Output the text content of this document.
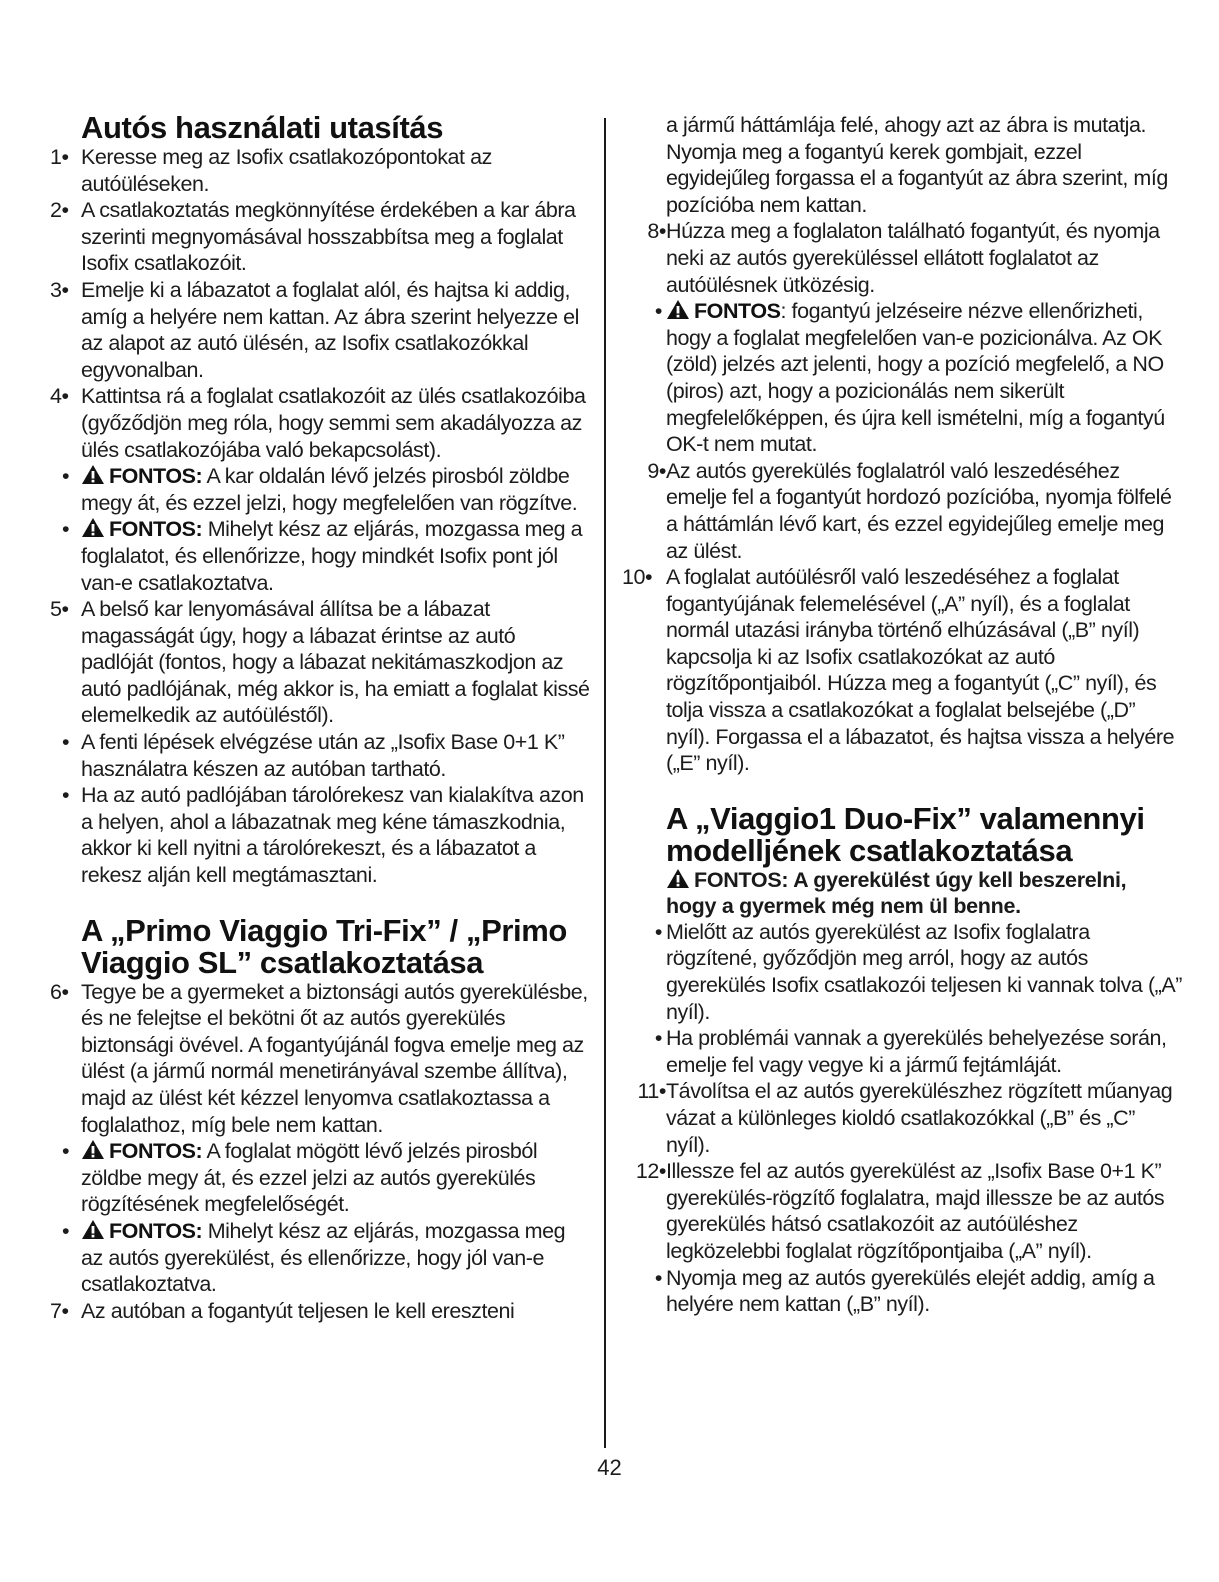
Autós használati utasítás
1• Keresse meg az Isofix csatlakozópontokat az autóüléseken.
2• A csatlakoztatás megkönnyítése érdekében a kar ábra szerinti megnyomásával hosszabbítsa meg a foglalat Isofix csatlakozóit.
3• Emelje ki a lábazatot a foglalat alól, és hajtsa ki addig, amíg a helyére nem kattan. Az ábra szerint helyezze el az alapot az autó ülésén, az Isofix csatlakozókkal egyvonalban.
4• Kattintsa rá a foglalat csatlakozóit az ülés csatlakozóiba (győződjön meg róla, hogy semmi sem akadályozza az ülés csatlakozójába való bekapcsolást).
•	FONTOS: A kar oldalán lévő jelzés pirosból zöldbe megy át, és ezzel jelzi, hogy megfelelően van rögzítve.
•	FONTOS: Mihelyt kész az eljárás, mozgassa meg a foglalatot, és ellenőrizze, hogy mindkét Isofix pont jól van-e csatlakoztatva.
5• A belső kar lenyomásával állítsa be a lábazat magasságát úgy, hogy a lábazat érintse az autó padlóját (fontos, hogy a lábazat nekitámaszkodjon az autó padlójának, még akkor is, ha emiatt a foglalat kissé elemelkedik az autóüléstől).
• A fenti lépések elvégzése után az „Isofix Base 0+1 K” használatra készen az autóban tartható.
• Ha az autó padlójában tárolórekesz van kialakítva azon a helyen, ahol a lábazatnak meg kéne támaszkodnia, akkor ki kell nyitni a tárolórekeszt, és a lábazatot a rekesz alján kell megtámasztani.
A „Primo Viaggio Tri-Fix” / „Primo Viaggio SL” csatlakoztatása
6• Tegye be a gyermeket a biztonsági autós gyerekülésbe, és ne felejtse el bekötni őt az autós gyerekülés biztonsági övével. A fogantyújánál fogva emelje meg az ülést (a jármű normál menetirányával szembe állítva), majd az ülést két kézzel lenyomva csatlakoztassa a foglalathoz, míg bele nem kattan.
•	FONTOS: A foglalat mögött lévő jelzés pirosból zöldbe megy át, és ezzel jelzi az autós gyerekülés rögzítésének megfelelőségét.
•	FONTOS: Mihelyt kész az eljárás, mozgassa meg az autós gyerekülést, és ellenőrizze, hogy jól van-e csatlakoztatva.
7• Az autóban a fogantyút teljesen le kell ereszteni
a jármű háttámlája felé, ahogy azt az ábra is mutatja. Nyomja meg a fogantyú kerek gombjait, ezzel egyidejűleg forgassa el a fogantyút az ábra szerint, míg pozícióba nem kattan.
8• Húzza meg a foglalaton található fogantyút, és nyomja neki az autós gyereküléssel ellátott foglalatot az autóülésnek ütközésig.
•	FONTOS: fogantyú jelzéseire nézve ellenőrizheti, hogy a foglalat megfelelően van-e pozicionálva. Az OK (zöld) jelzés azt jelenti, hogy a pozíció megfelelő, a NO (piros) azt, hogy a pozicionálás nem sikerült megfelelőképpen, és újra kell ismételni, míg a fogantyú OK-t nem mutat.
9• Az autós gyerekülés foglalatról való leszedéséhez emelje fel a fogantyút hordozó pozícióba, nyomja fölfelé a háttámlán lévő kart, és ezzel egyidejűleg emelje meg az ülést.
10• A foglalat autóülésről való leszedéséhez a foglalat fogantyújának felemelésével („A” nyíl), és a foglalat normál utazási irányba történő elhúzásával („B” nyíl) kapcsolja ki az Isofix csatlakozókat az autó rögzítőpontjaiból. Húzza meg a fogantyút („C” nyíl), és tolja vissza a csatlakozókat a foglalat belsejébe („D” nyíl). Forgassa el a lábazatot, és hajtsa vissza a helyére („E” nyíl).
A „Viaggio1 Duo-Fix” valamennyi modelljének csatlakoztatása
FONTOS: A gyerekülést úgy kell beszerelni, hogy a gyermek még nem ül benne.
• Mielőtt az autós gyerekülést az Isofix foglalatra rögzítené, győződjön meg arról, hogy az autós gyerekülés Isofix csatlakozói teljesen ki vannak tolva („A” nyíl).
• Ha problémái vannak a gyerekülés behelyezése során, emelje fel vagy vegye ki a jármű fejtámláját.
11• Távolítsa el az autós gyerekülészhez rögzített műanyag vázat a különleges kioldó csatlakozókkal („B” és „C” nyíl).
12• Illessze fel az autós gyerekülést az „Isofix Base 0+1 K” gyerekülés-rögzítő foglalatra, majd illessze be az autós gyerekülés hátsó csatlakozóit az autóüléshez legközelebbi foglalat rögzítőpontjaiba („A” nyíl).
• Nyomja meg az autós gyerekülés elejét addig, amíg a helyére nem kattan („B” nyíl).
42
